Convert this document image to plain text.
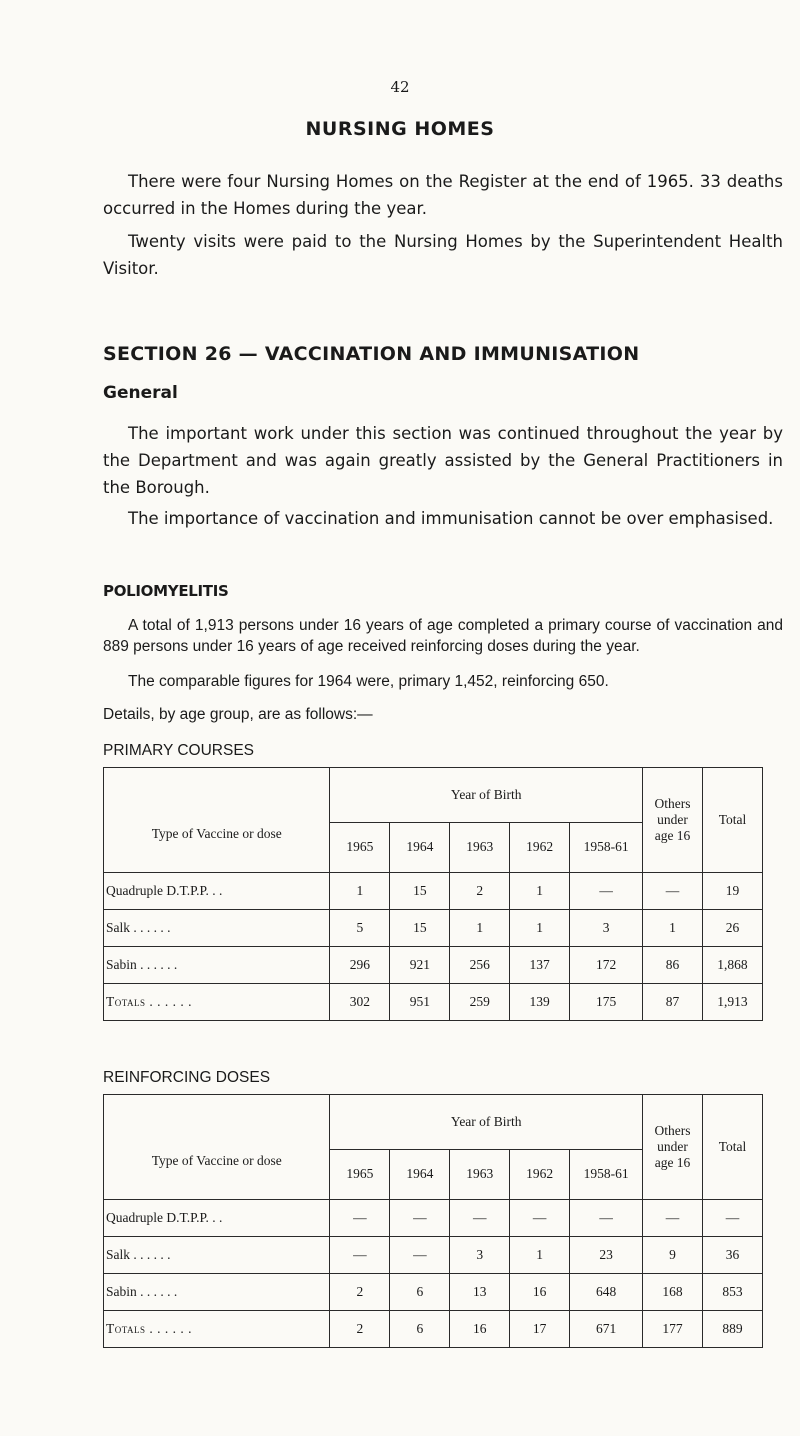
42
NURSING HOMES
There were four Nursing Homes on the Register at the end of 1965. 33 deaths occurred in the Homes during the year.
Twenty visits were paid to the Nursing Homes by the Superintendent Health Visitor.
SECTION 26 — VACCINATION AND IMMUNISATION
General
The important work under this section was continued throughout the year by the Department and was again greatly assisted by the General Practitioners in the Borough.
The importance of vaccination and immunisation cannot be over emphasised.
POLIOMYELITIS
A total of 1,913 persons under 16 years of age completed a primary course of vaccination and 889 persons under 16 years of age received reinforcing doses during the year.
The comparable figures for 1964 were, primary 1,452, reinforcing 650.
Details, by age group, are as follows:—
PRIMARY COURSES
Type of Vaccine or dose	Year of Birth					Others under age 16	Total
	1965	1964	1963	1962	1958-61		
Quadruple D.T.P.P. . .	1	15	2	1	—	—	19
Salk . . . . . .	5	15	1	1	3	1	26
Sabin . . . . . .	296	921	256	137	172	86	1,868
Totals . . . . . .	302	951	259	139	175	87	1,913
REINFORCING DOSES
Type of Vaccine or dose	Year of Birth					Others under age 16	Total
	1965	1964	1963	1962	1958-61		
Quadruple D.T.P.P. . .	—	—	—	—	—	—	—
Salk . . . . . .	—	—	3	1	23	9	36
Sabin . . . . . .	2	6	13	16	648	168	853
Totals . . . . . .	2	6	16	17	671	177	889
